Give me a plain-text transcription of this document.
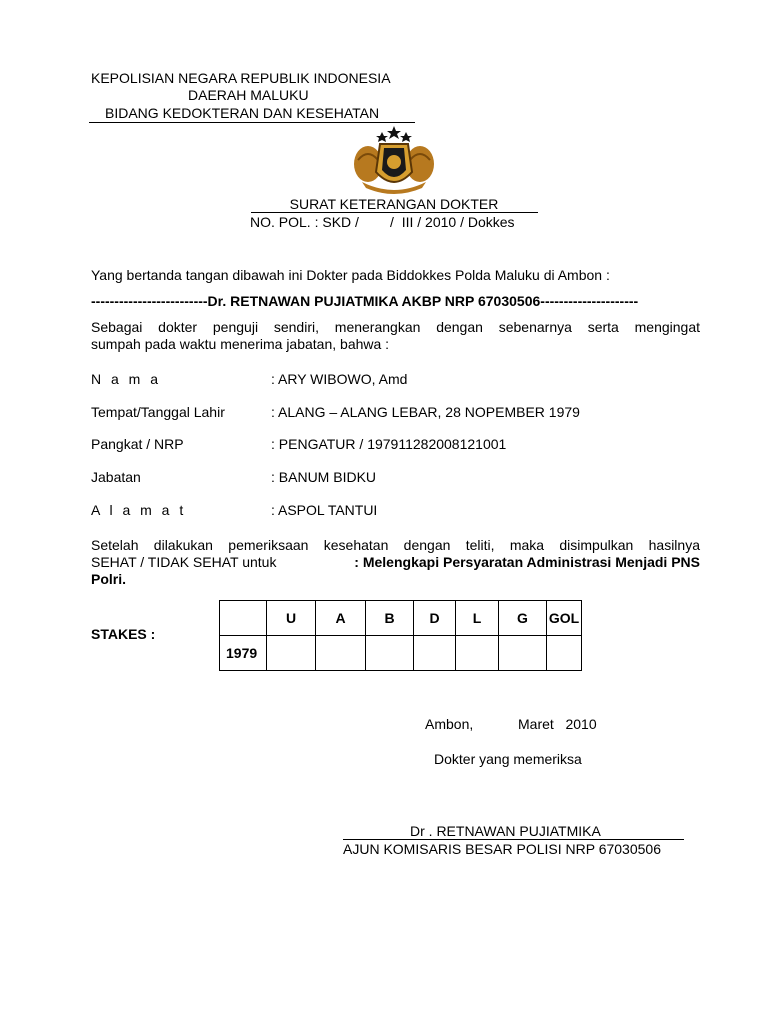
KEPOLISIAN NEGARA REPUBLIK INDONESIA
DAERAH MALUKU
BIDANG KEDOKTERAN DAN KESEHATAN
SURAT KETERANGAN DOKTER
NO. POL. : SKD /        /  III / 2010 / Dokkes
Yang bertanda tangan dibawah ini Dokter pada Biddokkes Polda Maluku di Ambon :
-------------------------Dr. RETNAWAN PUJIATMIKA AKBP NRP 67030506---------------------
Sebagai dokter penguji sendiri, menerangkan dengan sebenarnya serta mengingat
sumpah pada waktu menerima jabatan, bahwa :
N a m a	: ARY WIBOWO, Amd
Tempat/Tanggal Lahir	: ALANG – ALANG LEBAR, 28 NOPEMBER 1979
Pangkat / NRP	: PENGATUR / 197911282008121001
Jabatan	: BANUM BIDKU
A l a m a t	: ASPOL TANTUI
Setelah dilakukan pemeriksaan kesehatan dengan teliti, maka disimpulkan hasilnya
SEHAT / TIDAK SEHAT untuk	: Melengkapi Persyaratan Administrasi Menjadi PNS
Polri.
STAKES :
	U	A	B	D	L	G	GOL
1979							
Ambon,	Maret   2010
Dokter yang memeriksa
Dr . RETNAWAN PUJIATMIKA
AJUN KOMISARIS BESAR POLISI NRP 67030506
